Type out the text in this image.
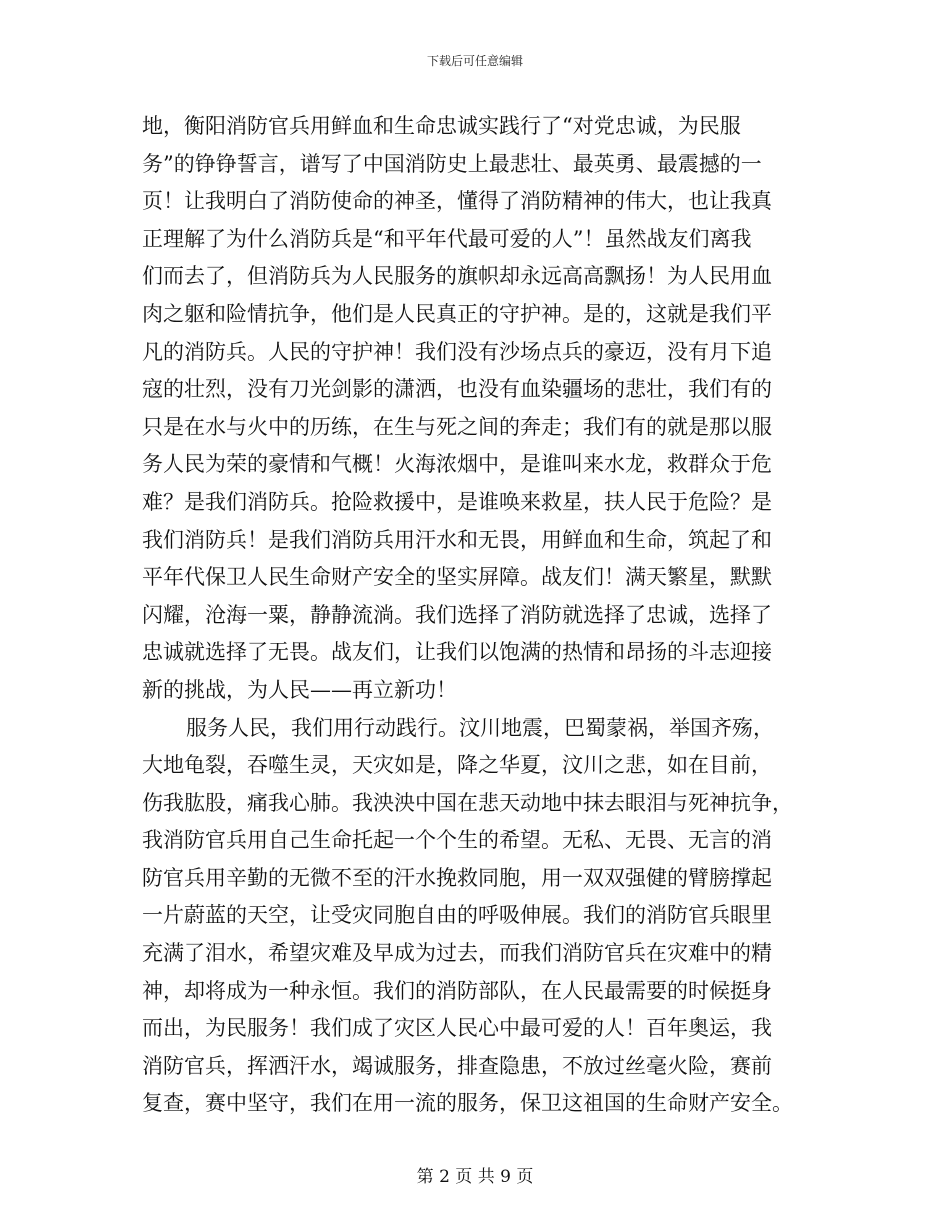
下载后可任意编辑
地，衡阳消防官兵用鲜血和生命忠诚实践行了“对党忠诚，为民服
务”的铮铮誓言，谱写了中国消防史上最悲壮、最英勇、最震撼的一
页！让我明白了消防使命的神圣，懂得了消防精神的伟大，也让我真
正理解了为什么消防兵是“和平年代最可爱的人”！虽然战友们离我
们而去了，但消防兵为人民服务的旗帜却永远高高飘扬！为人民用血
肉之躯和险情抗争，他们是人民真正的守护神。是的，这就是我们平
凡的消防兵。人民的守护神！我们没有沙场点兵的豪迈，没有月下追
寇的壮烈，没有刀光剑影的潇洒，也没有血染疆场的悲壮，我们有的
只是在水与火中的历练，在生与死之间的奔走；我们有的就是那以服
务人民为荣的豪情和气概！火海浓烟中，是谁叫来水龙，救群众于危
难？是我们消防兵。抢险救援中，是谁唤来救星，扶人民于危险？是
我们消防兵！是我们消防兵用汗水和无畏，用鲜血和生命，筑起了和
平年代保卫人民生命财产安全的坚实屏障。战友们！满天繁星，默默
闪耀，沧海一粟，静静流淌。我们选择了消防就选择了忠诚，选择了
忠诚就选择了无畏。战友们，让我们以饱满的热情和昂扬的斗志迎接
新的挑战，为人民——再立新功！
服务人民，我们用行动践行。汶川地震，巴蜀蒙祸，举国齐殇，
大地龟裂，吞噬生灵，天灾如是，降之华夏，汶川之悲，如在目前，
伤我肱股，痛我心肺。我泱泱中国在悲天动地中抹去眼泪与死神抗争，
我消防官兵用自己生命托起一个个生的希望。无私、无畏、无言的消
防官兵用辛勤的无微不至的汗水挽救同胞，用一双双强健的臂膀撑起
一片蔚蓝的天空，让受灾同胞自由的呼吸伸展。我们的消防官兵眼里
充满了泪水，希望灾难及早成为过去，而我们消防官兵在灾难中的精
神，却将成为一种永恒。我们的消防部队，在人民最需要的时候挺身
而出，为民服务！我们成了灾区人民心中最可爱的人！百年奥运，我
消防官兵，挥洒汗水，竭诚服务，排查隐患，不放过丝毫火险，赛前
复查，赛中坚守，我们在用一流的服务，保卫这祖国的生命财产安全。
第 2 页 共 9 页
